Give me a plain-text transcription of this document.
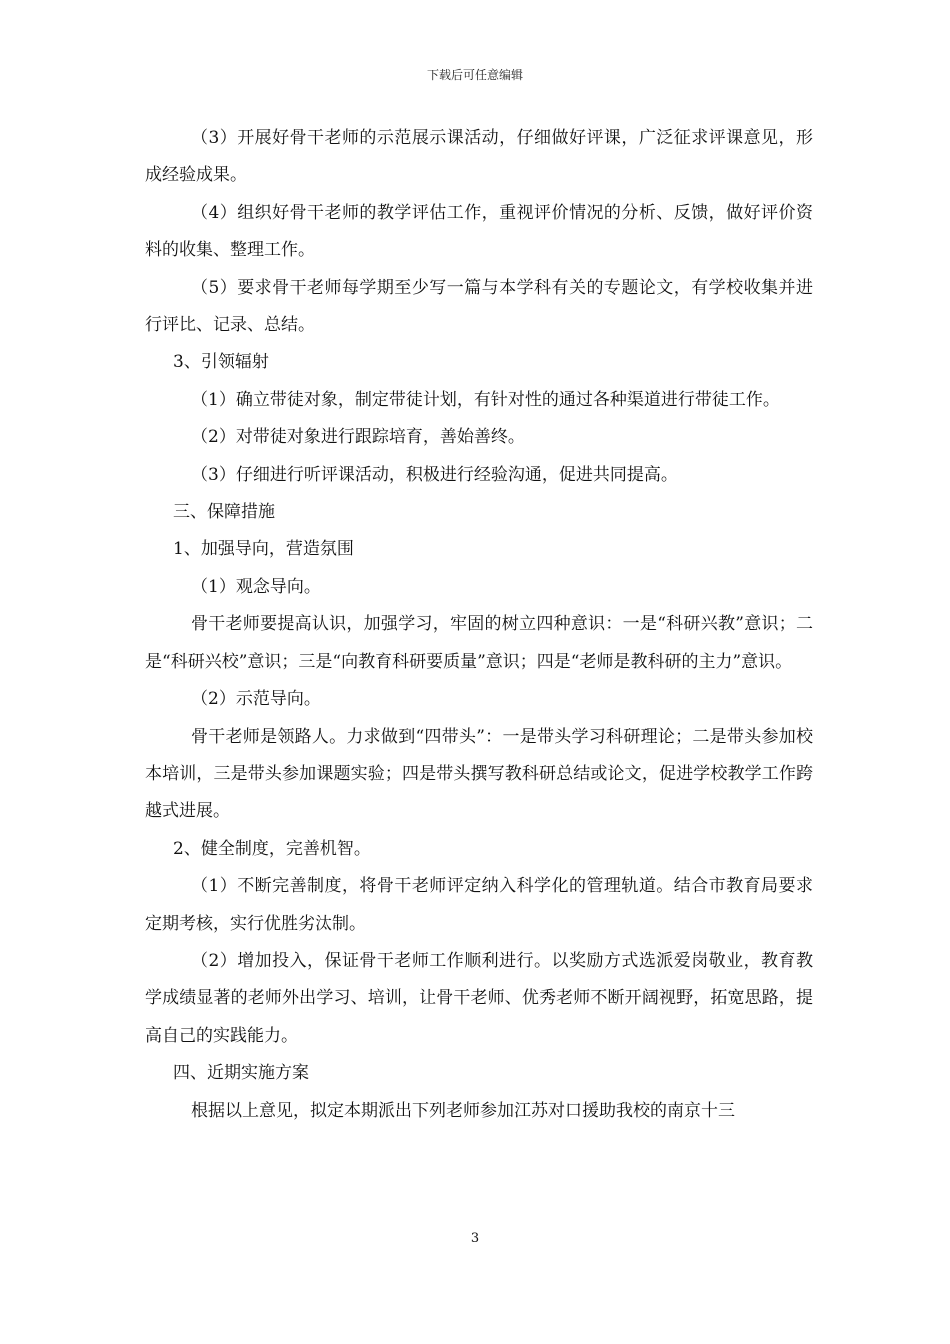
下载后可任意编辑

（3）开展好骨干老师的示范展示课活动，仔细做好评课，广泛征求评课意见，形成经验成果。

（4）组织好骨干老师的教学评估工作，重视评价情况的分析、反馈，做好评价资料的收集、整理工作。

（5）要求骨干老师每学期至少写一篇与本学科有关的专题论文，有学校收集并进行评比、记录、总结。

3、引领辐射

（1）确立带徒对象，制定带徒计划，有针对性的通过各种渠道进行带徒工作。

（2）对带徒对象进行跟踪培育，善始善终。

（3）仔细进行听评课活动，积极进行经验沟通，促进共同提高。

三、保障措施

1、加强导向，营造氛围

（1）观念导向。

骨干老师要提高认识，加强学习，牢固的树立四种意识：一是“科研兴教”意识；二是“科研兴校”意识；三是“向教育科研要质量”意识；四是“老师是教科研的主力”意识。

（2）示范导向。

骨干老师是领路人。力求做到“四带头”：一是带头学习科研理论；二是带头参加校本培训，三是带头参加课题实验；四是带头撰写教科研总结或论文，促进学校教学工作跨越式进展。

2、健全制度，完善机智。

（1）不断完善制度，将骨干老师评定纳入科学化的管理轨道。结合市教育局要求定期考核，实行优胜劣汰制。

（2）增加投入，保证骨干老师工作顺利进行。以奖励方式选派爱岗敬业，教育教学成绩显著的老师外出学习、培训，让骨干老师、优秀老师不断开阔视野，拓宽思路，提高自己的实践能力。

四、近期实施方案

根据以上意见，拟定本期派出下列老师参加江苏对口援助我校的南京十三

3
